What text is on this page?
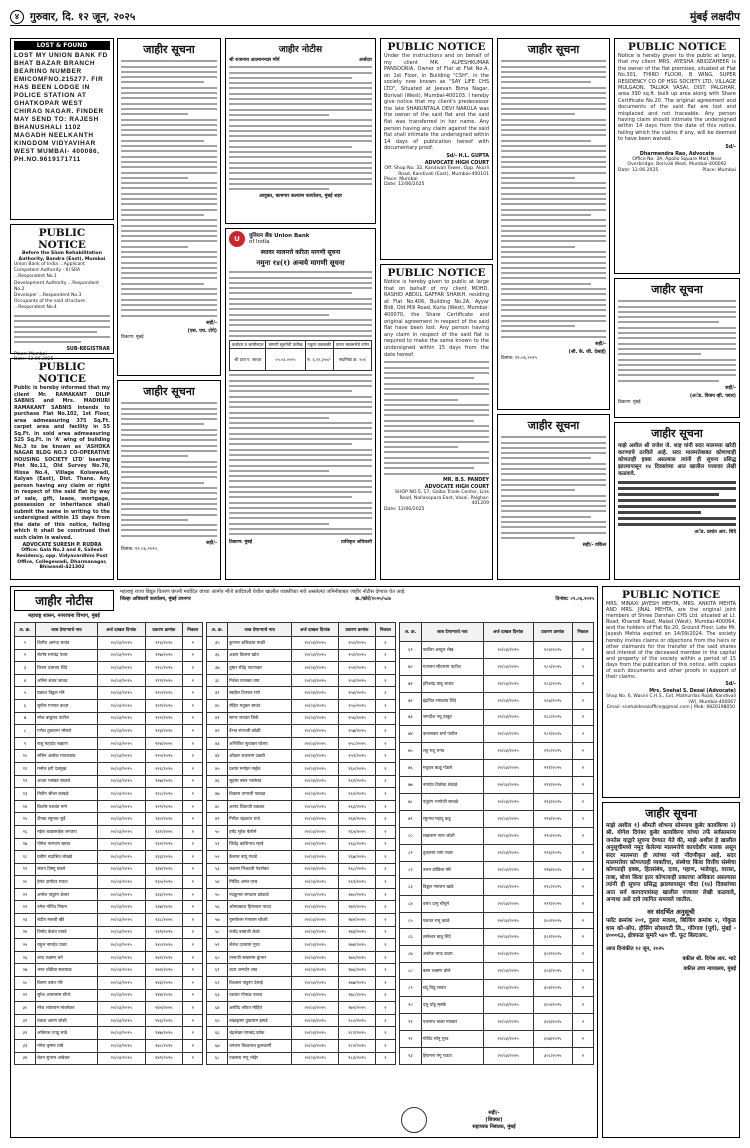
४	गुरुवार, दि. १२ जून, २०२५	मुंबई लक्षदीप
LOST & FOUND
LOST MY UNION BANK FD BHAT BAZAR BRANCH BEARING NUMBER EMICOMFNO.215277. FIR HAS BEEN LODGE IN POLICE STATION AT GHATKOPAR WEST CHIRAG NAGAR. FINDER MAY SEND TO: RAJESH BHANUSHALI 1102 MAGADH NEELKANTH KINGDOM VIDYAVIHAR WEST MUMBAI- 400086, PH.NO.9619171711
PUBLIC NOTICE
Before the Slum Rehabilitation Authority, Bandra (East), Mumbai
Union Bank of India ...Applicant
Competent Authority - III SRA ...Respondent No.1
Development Authority ...Respondent No.2
Developer ...Respondent No.3
Occupants of the said structure ...Respondent No.4
SUB-REGISTRAR
Place: Mumbai
Date: 12.06.2025
PUBLIC NOTICE
Public is hereby informed that my client Mr. RAMAKANT DILIP SABNIS and Mrs. MADHURI RAMAKANT SABNIS intends to purchase Flat No.102, 1st Floor, area admeasuring 375 Sq.Ft. carpet area and facility in 55 Sq.Ft. in sold area admeasuring 525 Sq.Ft. in 'A' wing of building No.3 to be known as 'ASHOKA NAGAR BLDG NO.3 CO-OPERATIVE HOUSING SOCIETY LTD' bearing Plot No.11, Old Survey No.78, Hissa No.4, Village Kolsewadi, Kalyan (East), Dist. Thane. Any person having any claim or right in respect of the said flat by way of sale, gift, lease, mortgage, possession or inheritance shall submit the same in writing to the undersigned within 15 days from the date of this notice, failing which it shall be construed that such claim is waived.
ADVOCATE SURESH P. RUDRA
Office: Gala No.3 and 8, Sailesh Residency, opp. Vidyavardhini Post Office, Collegewadi, Dharmanagar, Bhiwandi-421302
जाहीर सूचना
सही/-
(एस. एच. टोपे)
ठिकाण: मुंबई
जाहीर सूचना
सही/-
दिनांक: १२.०६.२०२५
जाहीर नोटीस
श्री राजनाथ आत्मानन्दस माँर्य	अर्जदार
आयुक्त, कामगार कल्याण कार्यालय, मुंबई शहर
U	युनियन बँक Union Bank
of India
स्थावर मालमत्ते करिता मागणी सूचना
नमुना १४(१) अन्वये मागणी सूचना
कर्जदार व जामीनदार	मागणी सूचनेची तारीख	एकूण थकबाकी	तारण मालमत्तेचे वर्णन
श्री दत्ता ए. जाधव	०५.०३.२०२५	रु. ६,१२,३५०/-	सदनिका क्र. २०४
ठिकाण: मुंबई	प्राधिकृत अधिकारी
PUBLIC NOTICE
Under the instructions and on behalf of my client MR. ALPESHKUMAR PANSOORIA, Owner of Flat at Flat No.A, on 1st Floor, in Building "CSH", in the society now known as "SAY LIFE CHS LTD", Situated at Jeevan Bima Nagar, Borivali (West), Mumbai-400103. I hereby give notice that my client's predecessor the late SHAKUNTALA DEVI NARULA was the owner of the said flat and the said flat was transferred in her name. Any person having any claim against the said flat shall intimate the undersigned within 14 days of publication hereof with documentary proof.
Sd/- H.L. GUPTA
ADVOCATE HIGH COURT
Off. Shop No. 32, Kandivali Tower, Opp. Akurli Road, Kandivali (East), Mumbai-400101
Place: Mumbai
Date: 12/06/2025
PUBLIC NOTICE
Notice is hereby given to public at large that on behalf of my client MOHD. RASHID ABDUL GAFFAR SHAIKH, residing at Flat No.406, Building No.2A, Ayyar Bidi, Old Mill Road, Kurla (West), Mumbai-400070, the Share Certificate and original agreement in respect of the said flat have been lost. Any person having any claim in respect of the said flat is required to make the same known to the undersigned within 15 days from the date hereof.
MR. B.S. PANDEY
ADVOCATE HIGH COURT
SHOP NO.5, 17, Gaiba Trade Center, Link Road, Nallasopara East, Vasai, Palghar-401209
Date: 12/06/2025
जाहीर सूचना
सही/-
(श्री. के. जी. देसाई)
दिनांक: १२.०६.२०२५
जाहीर सूचना
सही/- वकिल
PUBLIC NOTICE
Notice is hereby given to the public at large, that my client MRS. AYESHA ABIDZAHEER is the owner of the flat premises, situated at Flat No.301, THIRD FLOOR, B WING, SUPER RESIDENCY CO OP HSG SOCIETY LTD, VILLAGE MULGAON, TALUKA VASAI, DIST. PALGHAR, area 390 sq.ft. built up area along with Share Certificate No.20. The original agreement and documents of the said flat are lost and misplaced and not traceable. Any person having claim should intimate the undersigned within 14 days from the date of this notice, failing which the claims if any, will be deemed to have been waived.
Sd/-
Dharmendra Rao, Advocate
Office No. 3A, Apollo Square Mall, Near Overbridge, Borivali West, Mumbai-400092
Date: 12.06.2025	Place: Mumbai
जाहीर सूचना
सही/-
(अॅड. विजय व्ही. पवार)
ठिकाण: मुंबई
जाहीर सूचना
माझे अशील श्री राजेश जे. शाह यांनी सदर मालमत्ता खरेदी करण्याचे ठरविले आहे. सदर मालमत्तेबाबत कोणाचाही कोणताही हक्क असल्यास त्यांनी ही सूचना प्रसिद्ध झाल्यापासून १४ दिवसांच्या आत खालील पत्त्यावर लेखी कळवावे.
अॅड. प्रशांत आर. शिंदे
जाहीर नोटीस
महाराष्ट्र शासन, नगररचना विभाग, मुंबई
महाराष्ट्र राज्य विद्युत वितरण कंपनी मर्यादित यांच्या अंतर्गत मौजे कांदिवली येथील खालील व्यक्तींच्या नावे असलेल्या जमिनीबाबत जाहीर नोटीस देण्यात येत आहे.
जिल्हा अधिकारी कार्यालय, मुंबई उपनगर	क्र./कोर्ट/२०२५/५८७	दिनांक: ०९.०६.२०२५
अ. क्र.	जाब देणाऱ्याचे नाव	अर्ज दाखल दिनांक	प्रकरण क्रमांक	निकाल
१	दिलीप आनंदा सावंत	२०/०३/२०२५	२१६/२०२५	२
२	संतोष रामचंद्र पवार	२०/०३/२०२५	२१७/२०२५	२
३	विजय दत्तात्रय शिंदे	२०/०३/२०२५	२१८/२०२५	२
४	अनिल शंकर जाधव	२०/०३/२०२५	२१९/२०२५	२
५	प्रकाश विठ्ठल मोरे	२०/०३/२०२५	२२०/२०२५	२
६	सुनील गणपत कदम	२०/०३/२०२५	२२१/२०२५	२
७	रमेश बाबुराव पाटील	२०/०३/२०२५	२२२/२०२५	२
८	गणेश तुकाराम भोसले	२०/०३/२०२५	२२३/२०२५	२
९	राजू महादेव चव्हाण	२०/०३/२०२५	२२४/२०२५	२
१०	सचिन अशोक गायकवाड	२०/०३/२०२५	२२५/२०२५	२
११	मनोज हरी देशमुख	२०/०३/२०२५	२२६/२०२५	२
१२	अजय भास्कर साळवे	२०/०३/२०२५	२२७/२०२५	२
१३	नितीन श्रीधर कांबळे	२०/०३/२०२५	२२८/२०२५	२
१४	किशोर यशवंत माने	२०/०३/२०२५	२२९/२०२५	२
१५	दीपक रघुनाथ सुर्वे	२०/०३/२०२५	२३०/२०२५	२
१६	महेश बाळासाहेब जगताप	२०/०३/२०२५	२३१/२०२५	२
१७	योगेश नारायण खरात	२०/०३/२०२५	२३२/२०२५	२
१८	प्रवीण सदाशिव लोखंडे	२०/०३/२०२५	२३३/२०२५	२
१९	संजय विष्णू घाडगे	२०/०३/२०२५	२३४/२०२५	२
२०	हेमंत दामोदर राऊत	२०/०३/२०२५	२३५/२०२५	२
२१	अमोल पांडुरंग शेलार	२०/०३/२०२५	२३६/२०२५	२
२२	उमेश गोविंद निकम	२०/०३/२०२५	२३७/२०२५	२
२३	संदीप मारुती खैरे	२०/०३/२०२५	२३८/२०२५	२
२४	विनोद केशव तावडे	२०/०३/२०२५	२३९/२०२५	२
२५	राहुल नामदेव पवार	२०/०३/२०२५	२४०/२०२५	२
२६	शरद लक्ष्मण बने	२०/०३/२०२५	२४१/२०२५	२
२७	भरत धोंडीबा सकपाळ	२०/०३/२०२५	२४२/२०२५	२
२८	किरण वसंत गोरे	२०/०३/२०२५	२४३/२०२५	२
२९	सुरेश आत्माराम डोंगरे	२०/०३/२०२५	२४४/२०२५	२
३०	नरेश शांताराम मांजरेकर	२०/०३/२०२५	२४५/२०२५	२
३१	पंकज अरुण जोशी	२०/०३/२०२५	२४६/२०२५	२
३२	अविनाश दगडू साठे	२०/०३/२०२५	२४७/२०२५	२
३३	मंगेश कृष्णा तांबे	२०/०३/२०२५	२४८/२०२५	२
३४	चेतन सुभाष आंबेकर	२०/०३/२०२५	२४९/२०२५	२
अ. क्र.	जाब देणाऱ्याचे नाव	अर्ज दाखल दिनांक	प्रकरण क्रमांक	निकाल
३५	कुणाल शशिकांत माळी	२०/०३/२०२५	२५०/२०२५	२
३६	अक्षय विलास खोत	२०/०३/२०२५	२५१/२०२५	२
३७	तुषार रविंद्र पाटणकर	२०/०३/२०२५	२५२/२०२५	२
३८	निलेश प्रभाकर वाघ	२०/०३/२०२५	२५३/२०२५	२
३९	स्वप्नील दिनकर राणे	२०/०३/२०२५	२५४/२०२५	२
४०	रोहित मधुकर सावंत	२०/०३/२०२५	२५५/२०२५	२
४१	सागर जयवंत शिर्के	२०/०३/२०२५	२५६/२०२५	२
४२	वैभव संभाजी कोळी	२०/०३/२०२५	२५७/२०२५	२
४३	अभिजित सुधाकर घोलप	२०/०३/२०२५	२५८/२०२५	२
४४	ओंकार राजाराम दळवी	२०/०३/२०२५	२५९/२०२५	२
४५	प्रशांत मनोहर नाईक	२०/०३/२०२५	२६०/२०२५	२
४६	सुहास बबन भालेराव	२०/०३/२०२५	२६१/२०२५	२
४७	विकास तानाजी पडवळ	२०/०३/२०२५	२६२/२०२५	२
४८	आनंद शिवाजी वाडकर	२०/०३/२०२५	२६३/२०२५	२
४९	गिरीश चंद्रकांत राजे	२०/०३/२०२५	२६४/२०२५	२
५०	हर्षद सुरेश बेलोसे	२०/०३/२०२५	२६५/२०२५	२
५१	जितेंद्र काशिनाथ म्हात्रे	२०/०३/२०२५	२६६/२०२५	२
५२	कैलास बापू गावडे	२०/०३/२०२५	२६७/२०२५	२
५३	लक्ष्मण भिकाजी पेडणेकर	२०/०३/२०२५	२६८/२०२५	२
५४	मिलिंद अनंत परब	२०/०३/२०२५	२६९/२०२५	२
५५	नंदकुमार रामदास कोकाटे	२०/०३/२०२५	२७०/२०२५	२
५६	ओमप्रकाश हिरालाल यादव	२०/०३/२०२५	२७१/२०२५	२
५७	पुरुषोत्तम गंगाराम चौधरी	२०/०३/२०२५	२७२/२०२५	२
५८	राजेंद्र बाबाजी शेट्ये	२०/०३/२०२५	२७३/२०२५	२
५९	शैलेश दत्ताराम गुरव	२०/०३/२०२५	२७४/२०२५	२
६०	तानाजी सखाराम कुंभार	२०/०३/२०२५	२७५/२०२५	२
६१	उदय जनार्दन लाड	२०/०३/२०२५	२७६/२०२५	२
६२	विश्वास पांडुरंग देसाई	२०/०३/२०२५	२७७/२०२५	२
६३	यशवंत गोपाळ पालव	२०/०३/२०२५	२७८/२०२५	२
६४	अरविंद श्रीपत मोहिते	२०/०३/२०२५	२७९/२०२५	२
६५	बाळकृष्ण तुकाराम झगडे	२०/०३/२०२५	२८०/२०२५	२
६६	चंद्रशेखर रामचंद्र वर्तक	२०/०३/२०२५	२८१/२०२५	२
६७	धनंजय विश्वनाथ कुलकर्णी	२०/०३/२०२५	२८२/२०२५	२
६८	एकनाथ गणू भोईर	२०/०३/२०२५	२८३/२०२५	२
अ. क्र.	जाब देणाऱ्याचे नाव	अर्ज दाखल दिनांक	प्रकरण क्रमांक	निकाल
६९	फकीरा अब्दुल शेख	२०/०३/२०२५	२८४/२०२५	२
७०	गजानन सीताराम पाटील	२०/०३/२०२५	२८५/२०२५	२
७१	हरिश्चंद्र बाबू जाधव	२०/०३/२०२५	२८६/२०२५	२
७२	इंद्रजित रमाकांत शिंदे	२०/०३/२०२५	२८७/२०२५	२
७३	जगदीश नथू ठाकूर	२०/०३/२०२५	२८८/२०२५	२
७४	कमलाकर धर्मा पाटील	२०/०३/२०२५	२८९/२०२५	२
७५	लहू सदू भगत	२०/०३/२०२५	२९०/२०२५	२
७६	मधुकर बाळू गोडसे	२०/०३/२०२५	२९१/२०२५	२
७७	नामदेव विठोबा शेवाळे	२०/०३/२०२५	२९२/२०२५	२
७८	पांडुरंग भागोजी सावळे	२०/०३/२०२५	२९३/२०२५	२
७९	रघुनाथ महादू कडू	२०/०३/२०२५	२९४/२०२५	२
८०	सखाराम नाना जोशी	२०/०३/२०२५	२९५/२०२५	२
८१	तुकाराम रामा पवार	२०/०३/२०२५	२९६/२०२५	२
८२	उत्तम कोंडिबा मोरे	२०/०३/२०२५	२९७/२०२५	२
८३	विठ्ठल गंगाराम खाडे	२०/०३/२०२५	२९८/२०२५	२
८४	वसंत दामू चौगुले	२०/०३/२०२५	२९९/२०२५	२
८५	यशवंत रामू काळे	२०/०३/२०२५	३००/२०२५	२
८६	ज्ञानेश्वर बाबू शिंदे	२०/०३/२०२५	३०१/२०२५	२
८७	अशोक भाऊ कदम	२०/०३/२०२५	३०२/२०२५	२
८८	बबन लक्ष्मण ढोले	२०/०३/२०२५	३०३/२०२५	२
८९	चंदू विठू सावंत	२०/०३/२०२५	३०४/२०२५	२
९०	दत्तू धोंडू म्हस्के	२०/०३/२०२५	३०५/२०२५	२
९१	एकनाथ बाळा गावकर	२०/०३/२०२५	३०६/२०२५	२
९२	गोविंद सोनू गुरव	२०/०३/२०२५	३०७/२०२५	२
९३	हिरामण गंगू राऊत	२०/०३/२०२५	३०८/२०२५	२
सही/-
(शिक्का)
सहाय्यक निबंधक, मुंबई
PUBLIC NOTICE
MRS. MINAXI JAYESH MEHTA, MRS. ANKITA MEHTA AND MRS. JINAL MEHTA, are the original joint members of Shree Darshan CHS Ltd. situated at Lt. Road, Kharodi Road, Malad (West), Mumbai-400064, and the holders of Flat No.20, Ground Floor. Late Mr. Jayesh Mehta expired on 14/09/2024. The society hereby invites claims or objections from the heirs or other claimants for the transfer of the said shares and interest of the deceased member in the capital and property of the society within a period of 15 days from the publication of this notice, with copies of such documents and other proofs in support of their claims.
Sd/-
Mrs. Snehal S. Desai (Advocate)
Shop No. 6, Wasini C.H.S., Ext. Mathurdas Road, Kandivali (W), Mumbai-400067
Email: snehaldesaioffice@gmail.com | Mob: 9820198050
जाहीर सूचना
माझे अशील १) श्रीमती शोभना सोमनाथ कुबेर कायकिणा २) श्री. योगेश दिगंबर कुबेर कायकिणा यांच्या तर्फे सर्वसामान्य जनतेस याद्वारे सूचना देण्यात येते की, माझे अशील हे खालील अनुसूचीमध्ये नमूद केलेल्या मालमत्तेचे कायदेशीर मालक असून सदर मालमत्ता ही त्यांच्या नावे नोंदणीकृत आहे. सदर मालमत्तेवर कोणत्याही व्यक्तीचा, संस्थेचा किंवा वित्तीय संस्थेचा कोणताही हक्क, हितसंबंध, दावा, गहाण, भाडेपट्टा, वारसा, ताबा, बोजा किंवा इतर कोणत्याही प्रकारचा अधिकार असल्यास त्यांनी ही सूचना प्रसिद्ध झाल्यापासून चौदा (१४) दिवसांच्या आत सर्व कागदपत्रांसह खालील पत्त्यावर लेखी कळवावे, अन्यथा असे दावे त्यागित समजले जातील.
वर संदर्भित अनुसूची
फ्लॅट क्रमांक २०१, दुसरा मजला, बिल्डिंग क्रमांक २, गोकुळ धाम को-ऑप. हौसिंग सोसायटी लि., गोरेगाव (पूर्व), मुंबई - ४०००६३, क्षेत्रफळ सुमारे ५४० चौ. फूट बिल्टअप.
आज दिनांकीत १२ जून, २०२५
वकील श्री. दिपेश आर. भाटे
वकील उच्च न्यायालय, मुंबई
